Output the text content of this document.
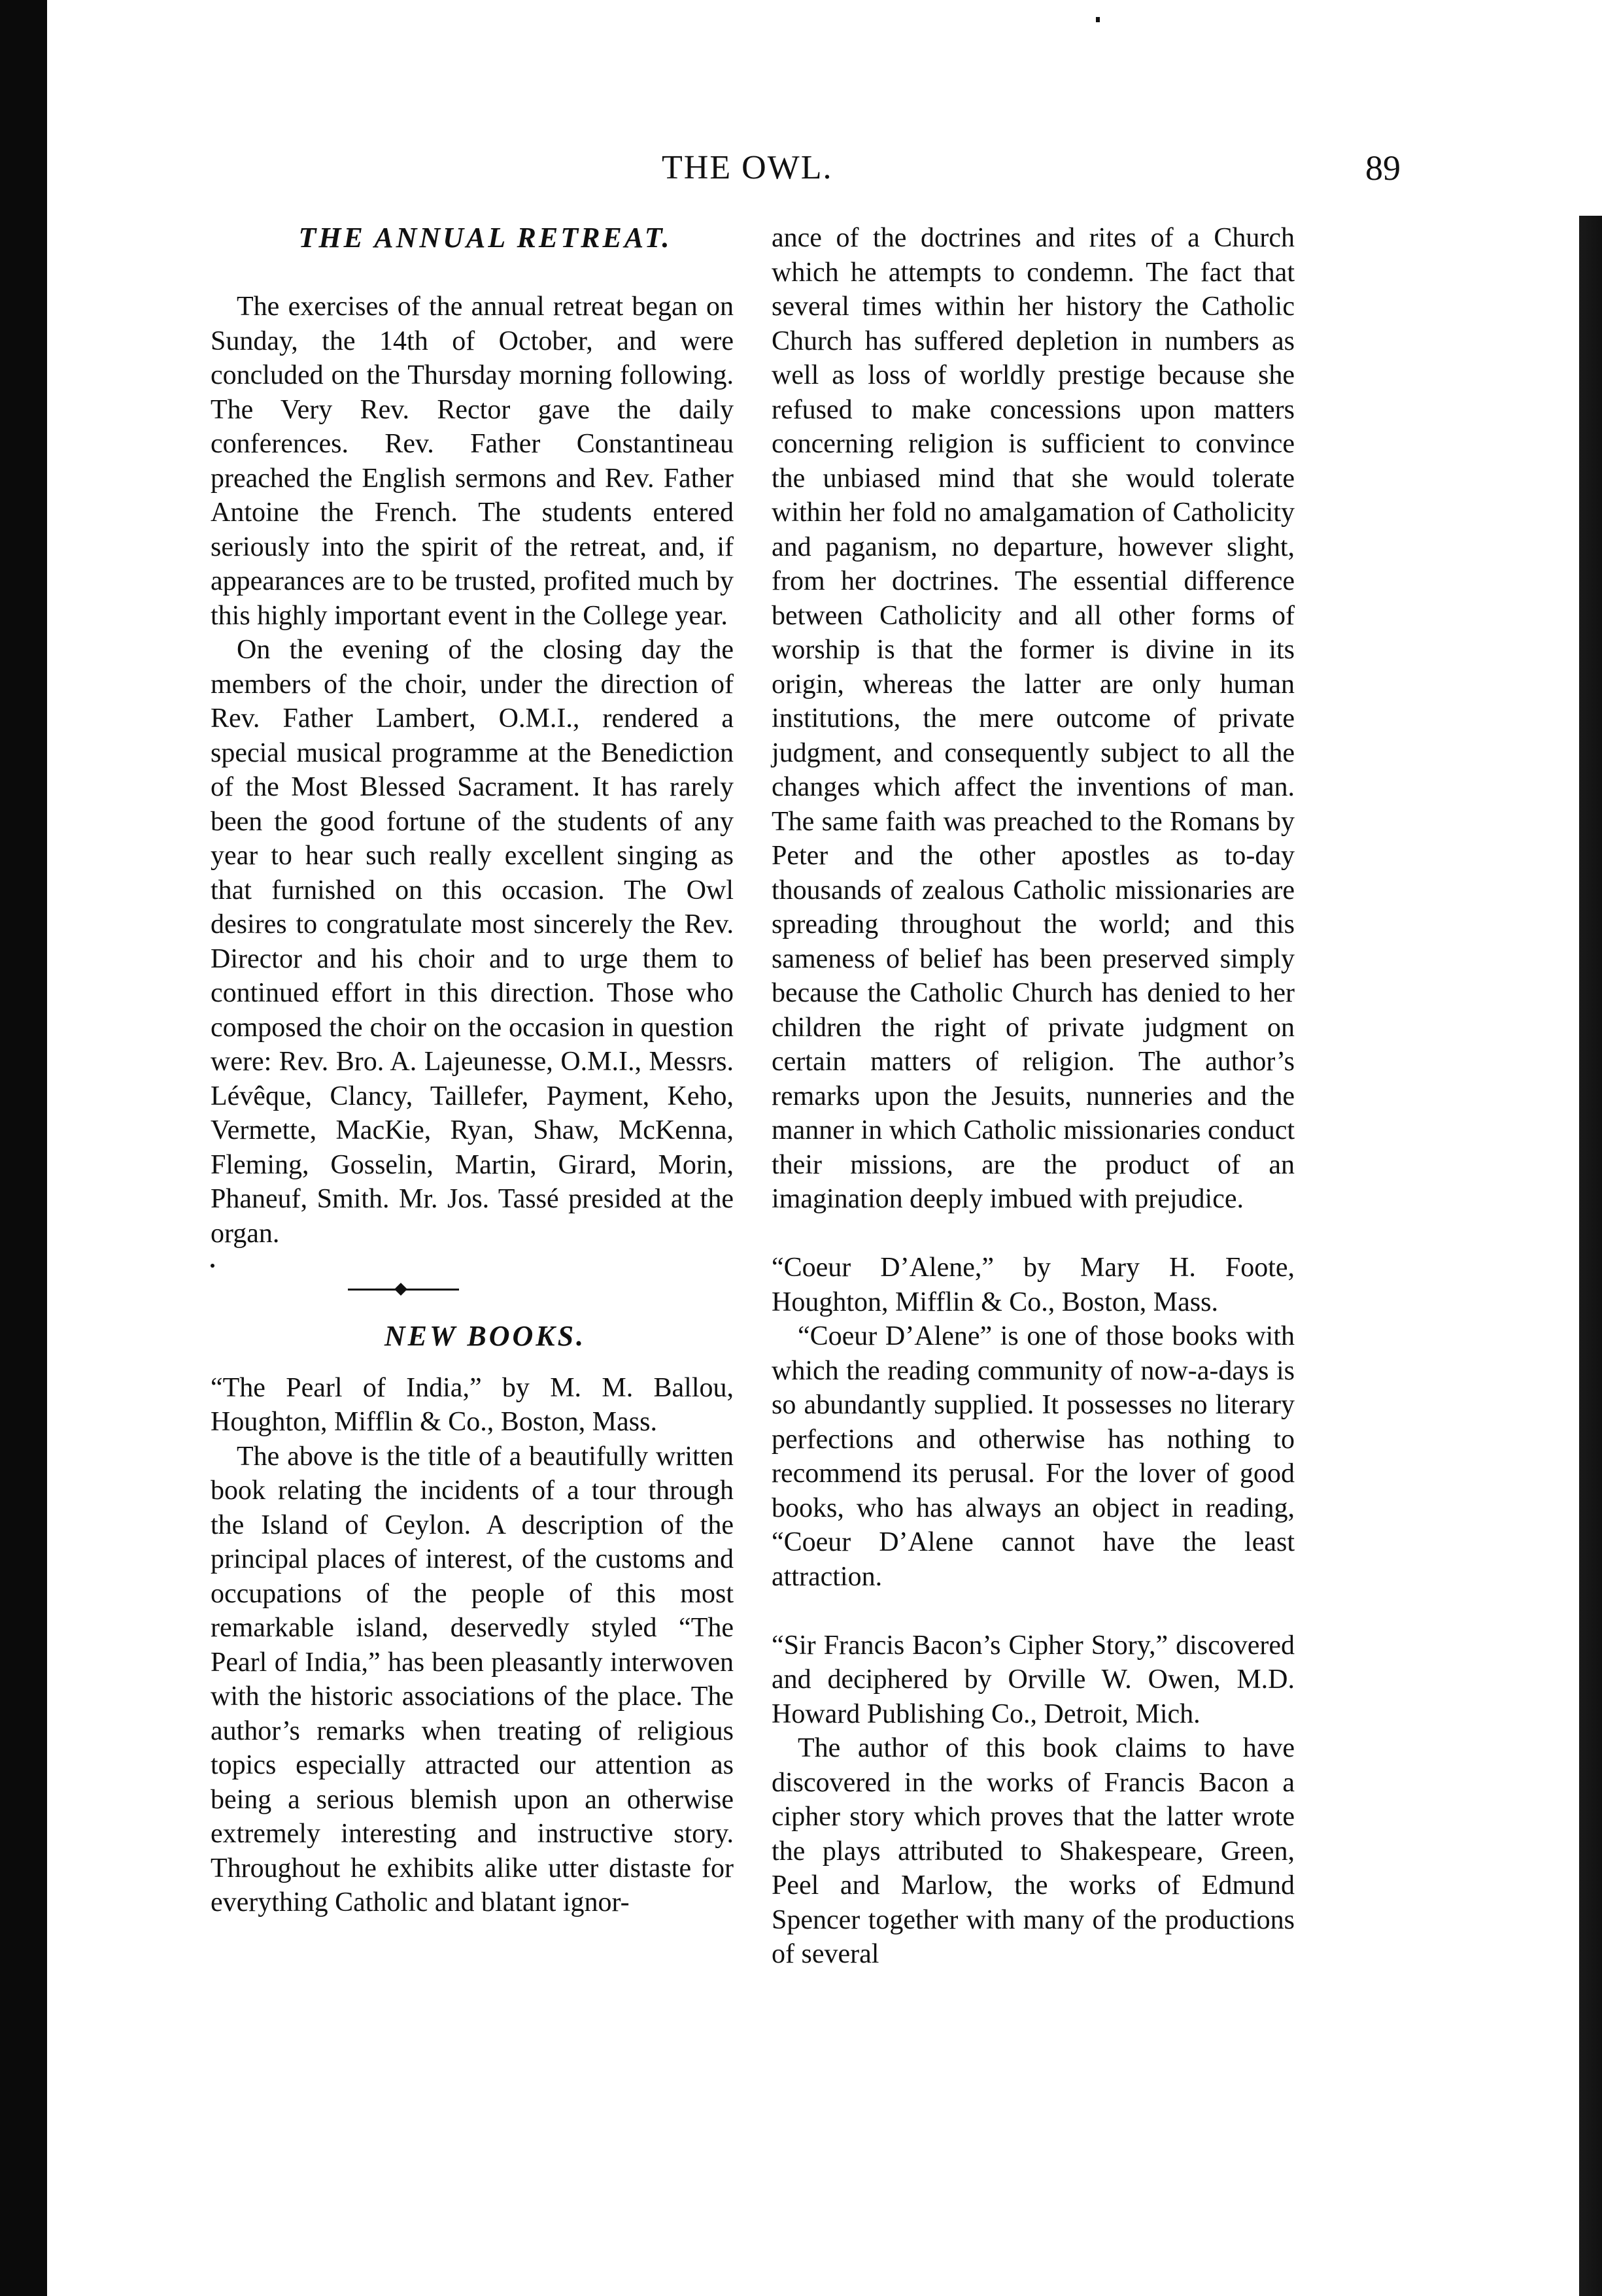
THE OWL.	89
THE ANNUAL RETREAT.

The exercises of the annual retreat began on Sunday, the 14th of October, and were concluded on the Thursday morning following. The Very Rev. Rector gave the daily conferences. Rev. Father Constantineau preached the English sermons and Rev. Father Antoine the French. The students entered seriously into the spirit of the retreat, and, if appearances are to be trusted, profited much by this highly important event in the College year.

On the evening of the closing day the members of the choir, under the direction of Rev. Father Lambert, O.M.I., rendered a special musical programme at the Benediction of the Most Blessed Sacrament. It has rarely been the good fortune of the students of any year to hear such really excellent singing as that furnished on this occasion. The Owl desires to congratulate most sincerely the Rev. Director and his choir and to urge them to continued effort in this direction. Those who composed the choir on the occasion in question were: Rev. Bro. A. Lajeunesse, O.M.I., Messrs. Lévêque, Clancy, Taillefer, Payment, Keho, Vermette, MacKie, Ryan, Shaw, McKenna, Fleming, Gosselin, Martin, Girard, Morin, Phaneuf, Smith. Mr. Jos. Tassé presided at the organ.

NEW BOOKS.

“The Pearl of India,” by M. M. Ballou, Houghton, Mifflin & Co., Boston, Mass.

The above is the title of a beautifully written book relating the incidents of a tour through the Island of Ceylon. A description of the principal places of interest, of the customs and occupations of the people of this most remarkable island, deservedly styled “The Pearl of India,” has been pleasantly interwoven with the historic associations of the place. The author’s remarks when treating of religious topics especially attracted our attention as being a serious blemish upon an otherwise extremely interesting and instructive story. Throughout he exhibits alike utter distaste for everything Catholic and blatant ignor-

ance of the doctrines and rites of a Church which he attempts to condemn. The fact that several times within her history the Catholic Church has suffered depletion in numbers as well as loss of worldly prestige because she refused to make concessions upon matters concerning religion is sufficient to convince the unbiased mind that she would tolerate within her fold no amalgamation of Catholicity and paganism, no departure, however slight, from her doctrines. The essential difference between Catholicity and all other forms of worship is that the former is divine in its origin, whereas the latter are only human institutions, the mere outcome of private judgment, and consequently subject to all the changes which affect the inventions of man. The same faith was preached to the Romans by Peter and the other apostles as to-day thousands of zealous Catholic missionaries are spreading throughout the world; and this sameness of belief has been preserved simply because the Catholic Church has denied to her children the right of private judgment on certain matters of religion. The author’s remarks upon the Jesuits, nunneries and the manner in which Catholic missionaries conduct their missions, are the product of an imagination deeply imbued with prejudice.

“Coeur D’Alene,” by Mary H. Foote, Houghton, Mifflin & Co., Boston, Mass.

“Coeur D’Alene” is one of those books with which the reading community of now-a-days is so abundantly supplied. It possesses no literary perfections and otherwise has nothing to recommend its perusal. For the lover of good books, who has always an object in reading, “Coeur D’Alene cannot have the least attraction.

“Sir Francis Bacon’s Cipher Story,” discovered and deciphered by Orville W. Owen, M.D. Howard Publishing Co., Detroit, Mich.

The author of this book claims to have discovered in the works of Francis Bacon a cipher story which proves that the latter wrote the plays attributed to Shakespeare, Green, Peel and Marlow, the works of Edmund Spencer together with many of the productions of several
